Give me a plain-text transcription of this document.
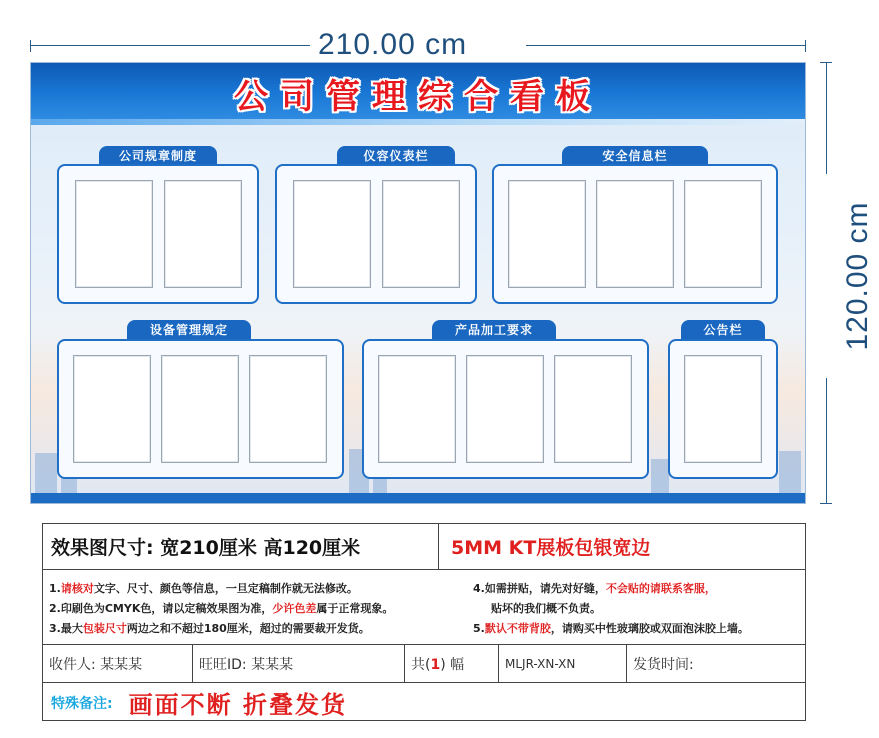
210.00 cm
120.00 cm
公司管理综合看板
公司规章制度	仪容仪表栏	安全信息栏
设备管理规定	产品加工要求	公告栏
效果图尺寸: 宽210厘米 高120厘米	5MM KT展板包银宽边
1.请核对文字、尺寸、颜色等信息，一旦定稿制作就无法修改。
2.印刷色为CMYK色，请以定稿效果图为准，少许色差属于正常现象。
3.最大包装尺寸两边之和不超过180厘米，超过的需要裁开发货。
4.如需拼贴，请先对好缝，不会贴的请联系客服，
贴坏的我们概不负责。
5.默认不带背胶，请购买中性玻璃胶或双面泡沫胶上墙。
收件人: 某某某	旺旺ID: 某某某	共(1) 幅	MLJR-XN-XN	发货时间:
特殊备注: 画面不断 折叠发货
